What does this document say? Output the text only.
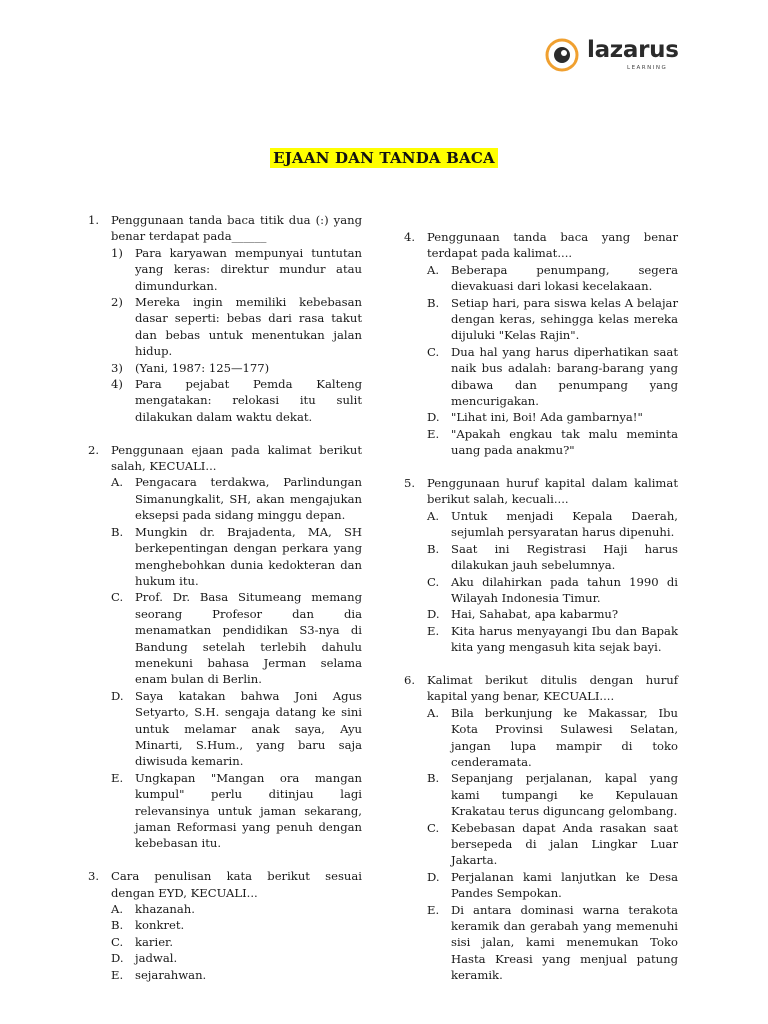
lazarus
LEARNING
EJAAN DAN TANDA BACA
1. Penggunaan tanda baca titik dua (:) yang benar terdapat pada______
1) Para karyawan mempunyai tuntutan yang keras: direktur mundur atau dimundurkan.
2) Mereka ingin memiliki kebebasan dasar seperti: bebas dari rasa takut dan bebas untuk menentukan jalan hidup.
3) (Yani, 1987: 125—177)
4) Para pejabat Pemda Kalteng mengatakan: relokasi itu sulit dilakukan dalam waktu dekat.
2. Penggunaan ejaan pada kalimat berikut salah, KECUALI...
A. Pengacara terdakwa, Parlindungan Simanungkalit, SH, akan mengajukan eksepsi pada sidang minggu depan.
B. Mungkin dr. Brajadenta, MA, SH berkepentingan dengan perkara yang menghebohkan dunia kedokteran dan hukum itu.
C. Prof. Dr. Basa Situmeang memang seorang Profesor dan dia menamatkan pendidikan S3-nya di Bandung setelah terlebih dahulu menekuni bahasa Jerman selama enam bulan di Berlin.
D. Saya katakan bahwa Joni Agus Setyarto, S.H. sengaja datang ke sini untuk melamar anak saya, Ayu Minarti, S.Hum., yang baru saja diwisuda kemarin.
E. Ungkapan "Mangan ora mangan kumpul" perlu ditinjau lagi relevansinya untuk jaman sekarang, jaman Reformasi yang penuh dengan kebebasan itu.
3. Cara penulisan kata berikut sesuai dengan EYD, KECUALI...
A. khazanah.
B. konkret.
C. karier.
D. jadwal.
E. sejarahwan.
4. Penggunaan tanda baca yang benar terdapat pada kalimat....
A. Beberapa penumpang, segera dievakuasi dari lokasi kecelakaan.
B. Setiap hari, para siswa kelas A belajar dengan keras, sehingga kelas mereka dijuluki "Kelas Rajin".
C. Dua hal yang harus diperhatikan saat naik bus adalah: barang-barang yang dibawa dan penumpang yang mencurigakan.
D. "Lihat ini, Boi! Ada gambarnya!"
E. "Apakah engkau tak malu meminta uang pada anakmu?"
5. Penggunaan huruf kapital dalam kalimat berikut salah, kecuali....
A. Untuk menjadi Kepala Daerah, sejumlah persyaratan harus dipenuhi.
B. Saat ini Registrasi Haji harus dilakukan jauh sebelumnya.
C. Aku dilahirkan pada tahun 1990 di Wilayah Indonesia Timur.
D. Hai, Sahabat, apa kabarmu?
E. Kita harus menyayangi Ibu dan Bapak kita yang mengasuh kita sejak bayi.
6. Kalimat berikut ditulis dengan huruf kapital yang benar, KECUALI....
A. Bila berkunjung ke Makassar, Ibu Kota Provinsi Sulawesi Selatan, jangan lupa mampir di toko cenderamata.
B. Sepanjang perjalanan, kapal yang kami tumpangi ke Kepulauan Krakatau terus diguncang gelombang.
C. Kebebasan dapat Anda rasakan saat bersepeda di jalan Lingkar Luar Jakarta.
D. Perjalanan kami lanjutkan ke Desa Pandes Sempokan.
E. Di antara dominasi warna terakota keramik dan gerabah yang memenuhi sisi jalan, kami menemukan Toko Hasta Kreasi yang menjual patung keramik.
